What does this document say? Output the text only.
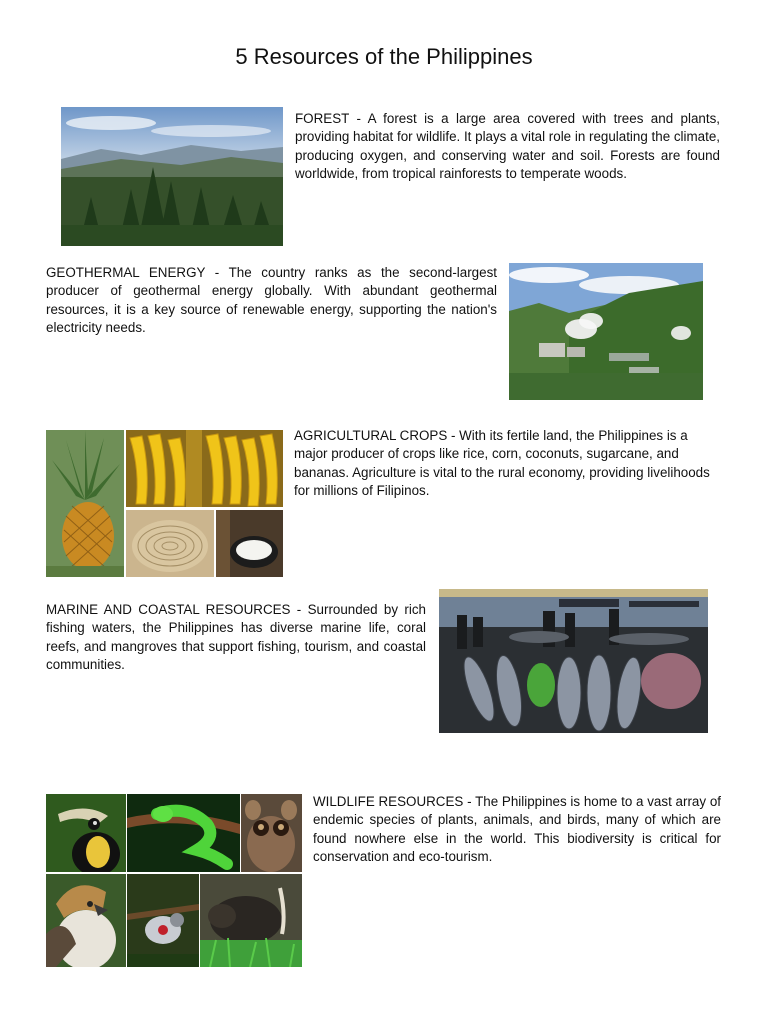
5 Resources of the Philippines

FOREST - A forest is a large area covered with trees and plants, providing habitat for wildlife. It plays a vital role in regulating the climate, producing oxygen, and conserving water and soil. Forests are found worldwide, from tropical rainforests to temperate woods.

GEOTHERMAL ENERGY - The country ranks as the second-largest producer of geothermal energy globally. With abundant geothermal resources, it is a key source of renewable energy, supporting the nation's electricity needs.

AGRICULTURAL CROPS - With its fertile land, the Philippines is a major producer of crops like rice, corn, coconuts, sugarcane, and bananas. Agriculture is vital to the rural economy, providing livelihoods for millions of Filipinos.

MARINE AND COASTAL RESOURCES - Surrounded by rich fishing waters, the Philippines has diverse marine life, coral reefs, and mangroves that support fishing, tourism, and coastal communities.

WILDLIFE RESOURCES - The Philippines is home to a vast array of endemic species of plants, animals, and birds, many of which are found nowhere else in the world. This biodiversity is critical for conservation and eco-tourism.
